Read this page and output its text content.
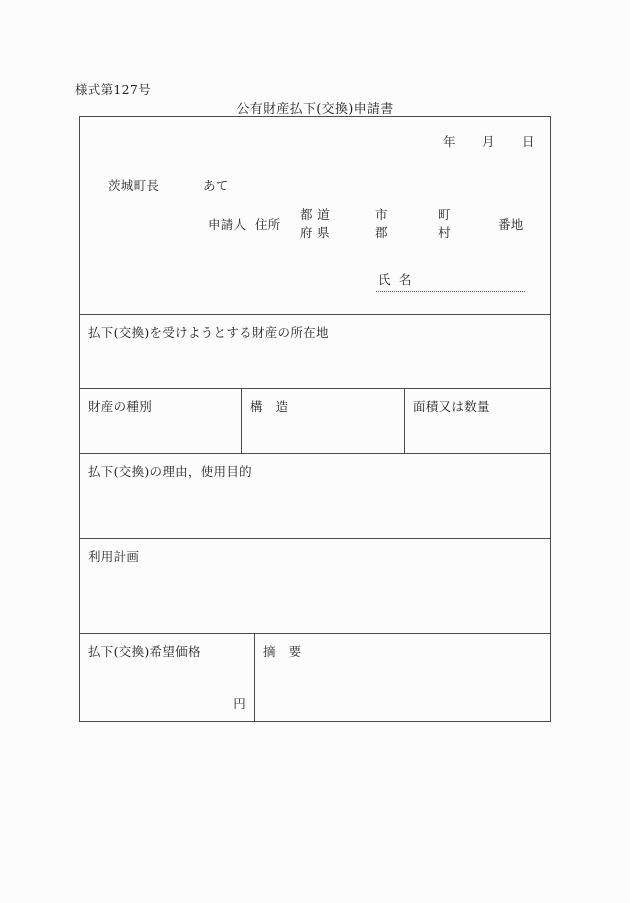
様式第127号
公有財産払下(交換)申請書
年 月 日
茨城町長	あて
申請人 住所
都 道
府 県
市
郡
町
村
番地
氏 名
払下(交換)を受けようとする財産の所在地
財産の種別	構　造	面積又は数量
払下(交換)の理由，使用目的
利用計画
払下(交換)希望価格
円
摘　要
